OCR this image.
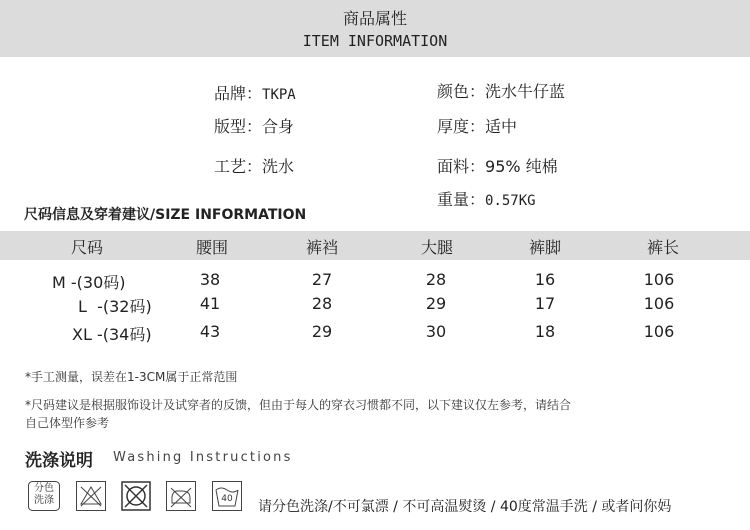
商品属性
ITEM INFORMATION
品牌：TKPA	颜色：洗水牛仔蓝
版型：合身	厚度：适中
工艺：洗水	面料：95% 纯棉
重量：0.57KG
尺码信息及穿着建议/SIZE INFORMATION
尺码	腰围	裤裆	大腿	裤脚	裤长
M -(30码)	38	27	28	16	106
L  -(32码)	41	28	29	17	106
XL -(34码)	43	29	30	18	106
*手工测量，误差在1-3CM属于正常范围
*尺码建议是根据服饰设计及试穿者的反馈，但由于每人的穿衣习惯都不同，以下建议仅左参考，请结合
自己体型作参考
洗涤说明 Washing Instructions
分色
洗涤	40	请分色洗涤/不可氯漂 / 不可高温熨烫 / 40度常温手洗 / 或者问你妈
